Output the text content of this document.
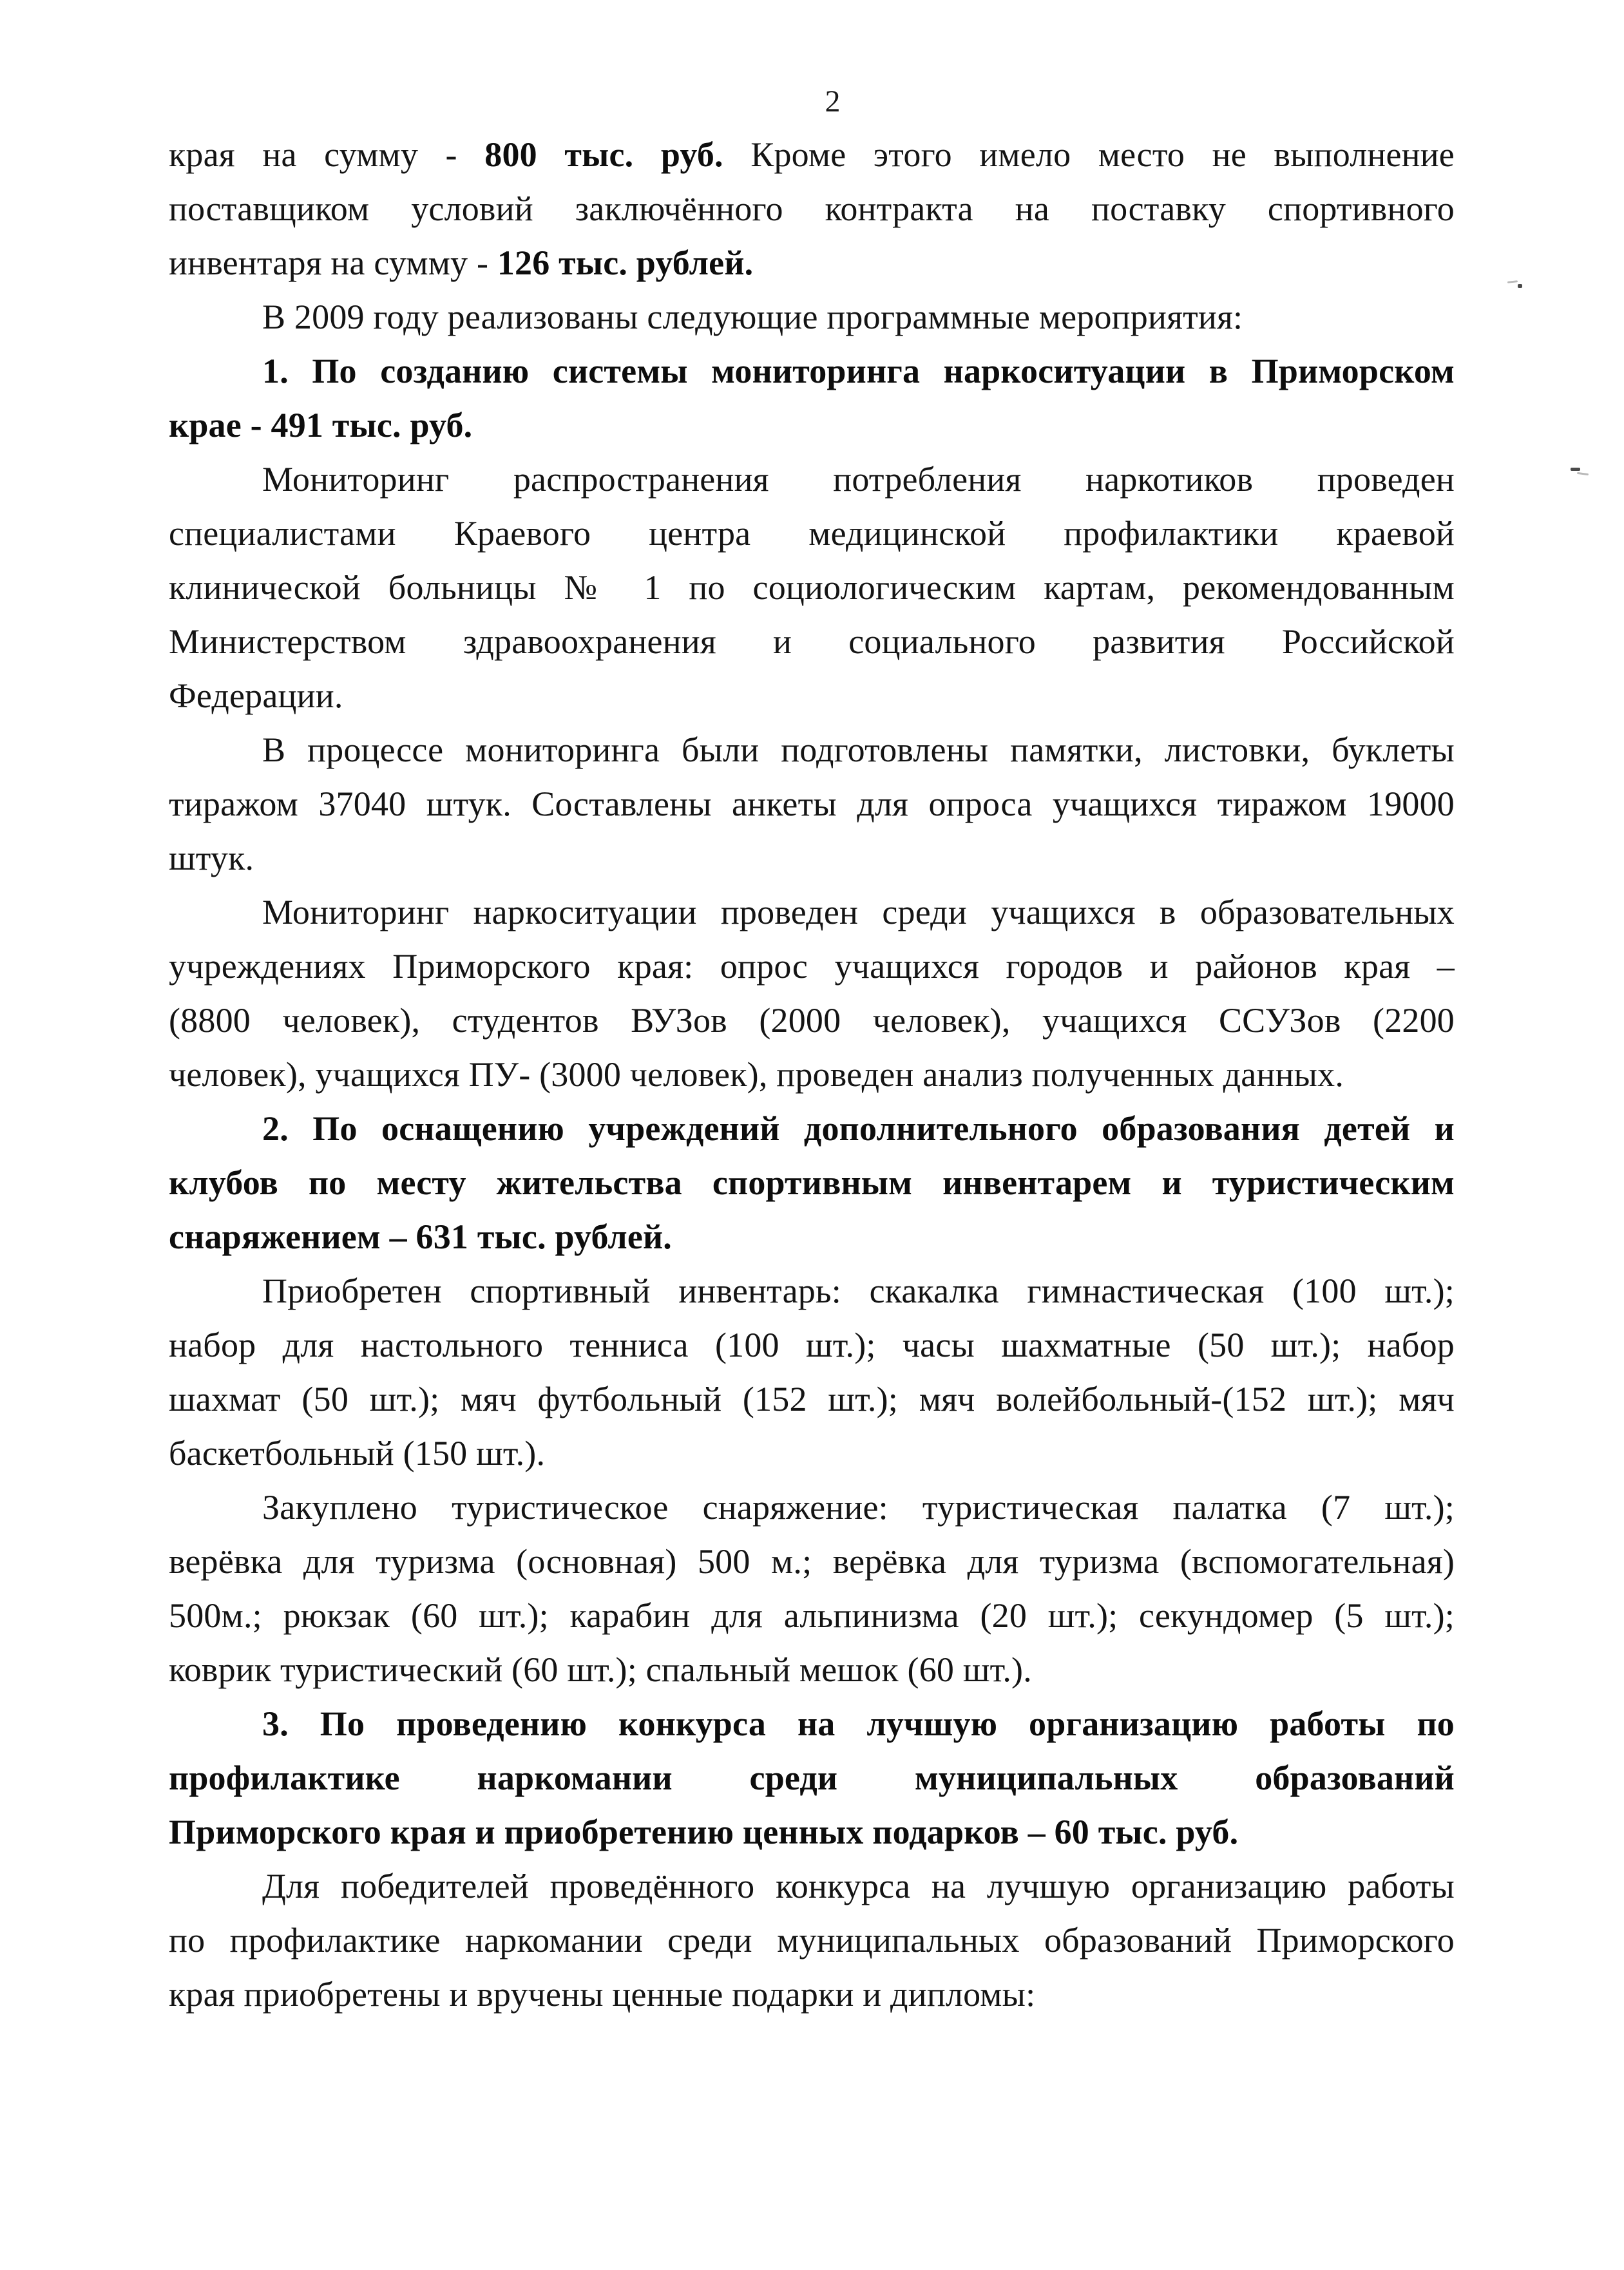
2
края на сумму - 800 тыс. руб. Кроме этого имело место не выполнение
поставщиком условий заключённого контракта на поставку спортивного
инвентаря на сумму - 126 тыс. рублей.
В 2009 году реализованы следующие программные мероприятия:
1. По созданию системы мониторинга наркоситуации в Приморском
крае - 491 тыс. руб.
Мониторинг распространения потребления наркотиков проведен
специалистами Краевого центра медицинской профилактики краевой
клинической больницы № 1 по социологическим картам, рекомендованным
Министерством здравоохранения и социального развития Российской
Федерации.
В процессе мониторинга были подготовлены памятки, листовки, буклеты
тиражом 37040 штук. Составлены анкеты для опроса учащихся тиражом 19000
штук.
Мониторинг наркоситуации проведен среди учащихся в образовательных
учреждениях Приморского края: опрос учащихся городов и районов края –
(8800 человек), студентов ВУЗов (2000 человек), учащихся ССУЗов (2200
человек), учащихся ПУ- (3000 человек), проведен анализ полученных данных.
2. По оснащению учреждений дополнительного образования детей и
клубов по месту жительства спортивным инвентарем и туристическим
снаряжением – 631 тыс. рублей.
Приобретен спортивный инвентарь: скакалка гимнастическая (100 шт.);
набор для настольного тенниса (100 шт.); часы шахматные (50 шт.); набор
шахмат (50 шт.); мяч футбольный (152 шт.); мяч волейбольный-(152 шт.); мяч
баскетбольный (150 шт.).
Закуплено туристическое снаряжение: туристическая палатка (7 шт.);
верёвка для туризма (основная) 500 м.; верёвка для туризма (вспомогательная)
500м.; рюкзак (60 шт.); карабин для альпинизма (20 шт.); секундомер (5 шт.);
коврик туристический (60 шт.); спальный мешок (60 шт.).
3. По проведению конкурса на лучшую организацию работы по
профилактике наркомании среди муниципальных образований
Приморского края и приобретению ценных подарков – 60 тыс. руб.
Для победителей проведённого конкурса на лучшую организацию работы
по профилактике наркомании среди муниципальных образований Приморского
края приобретены и вручены ценные подарки и дипломы:
